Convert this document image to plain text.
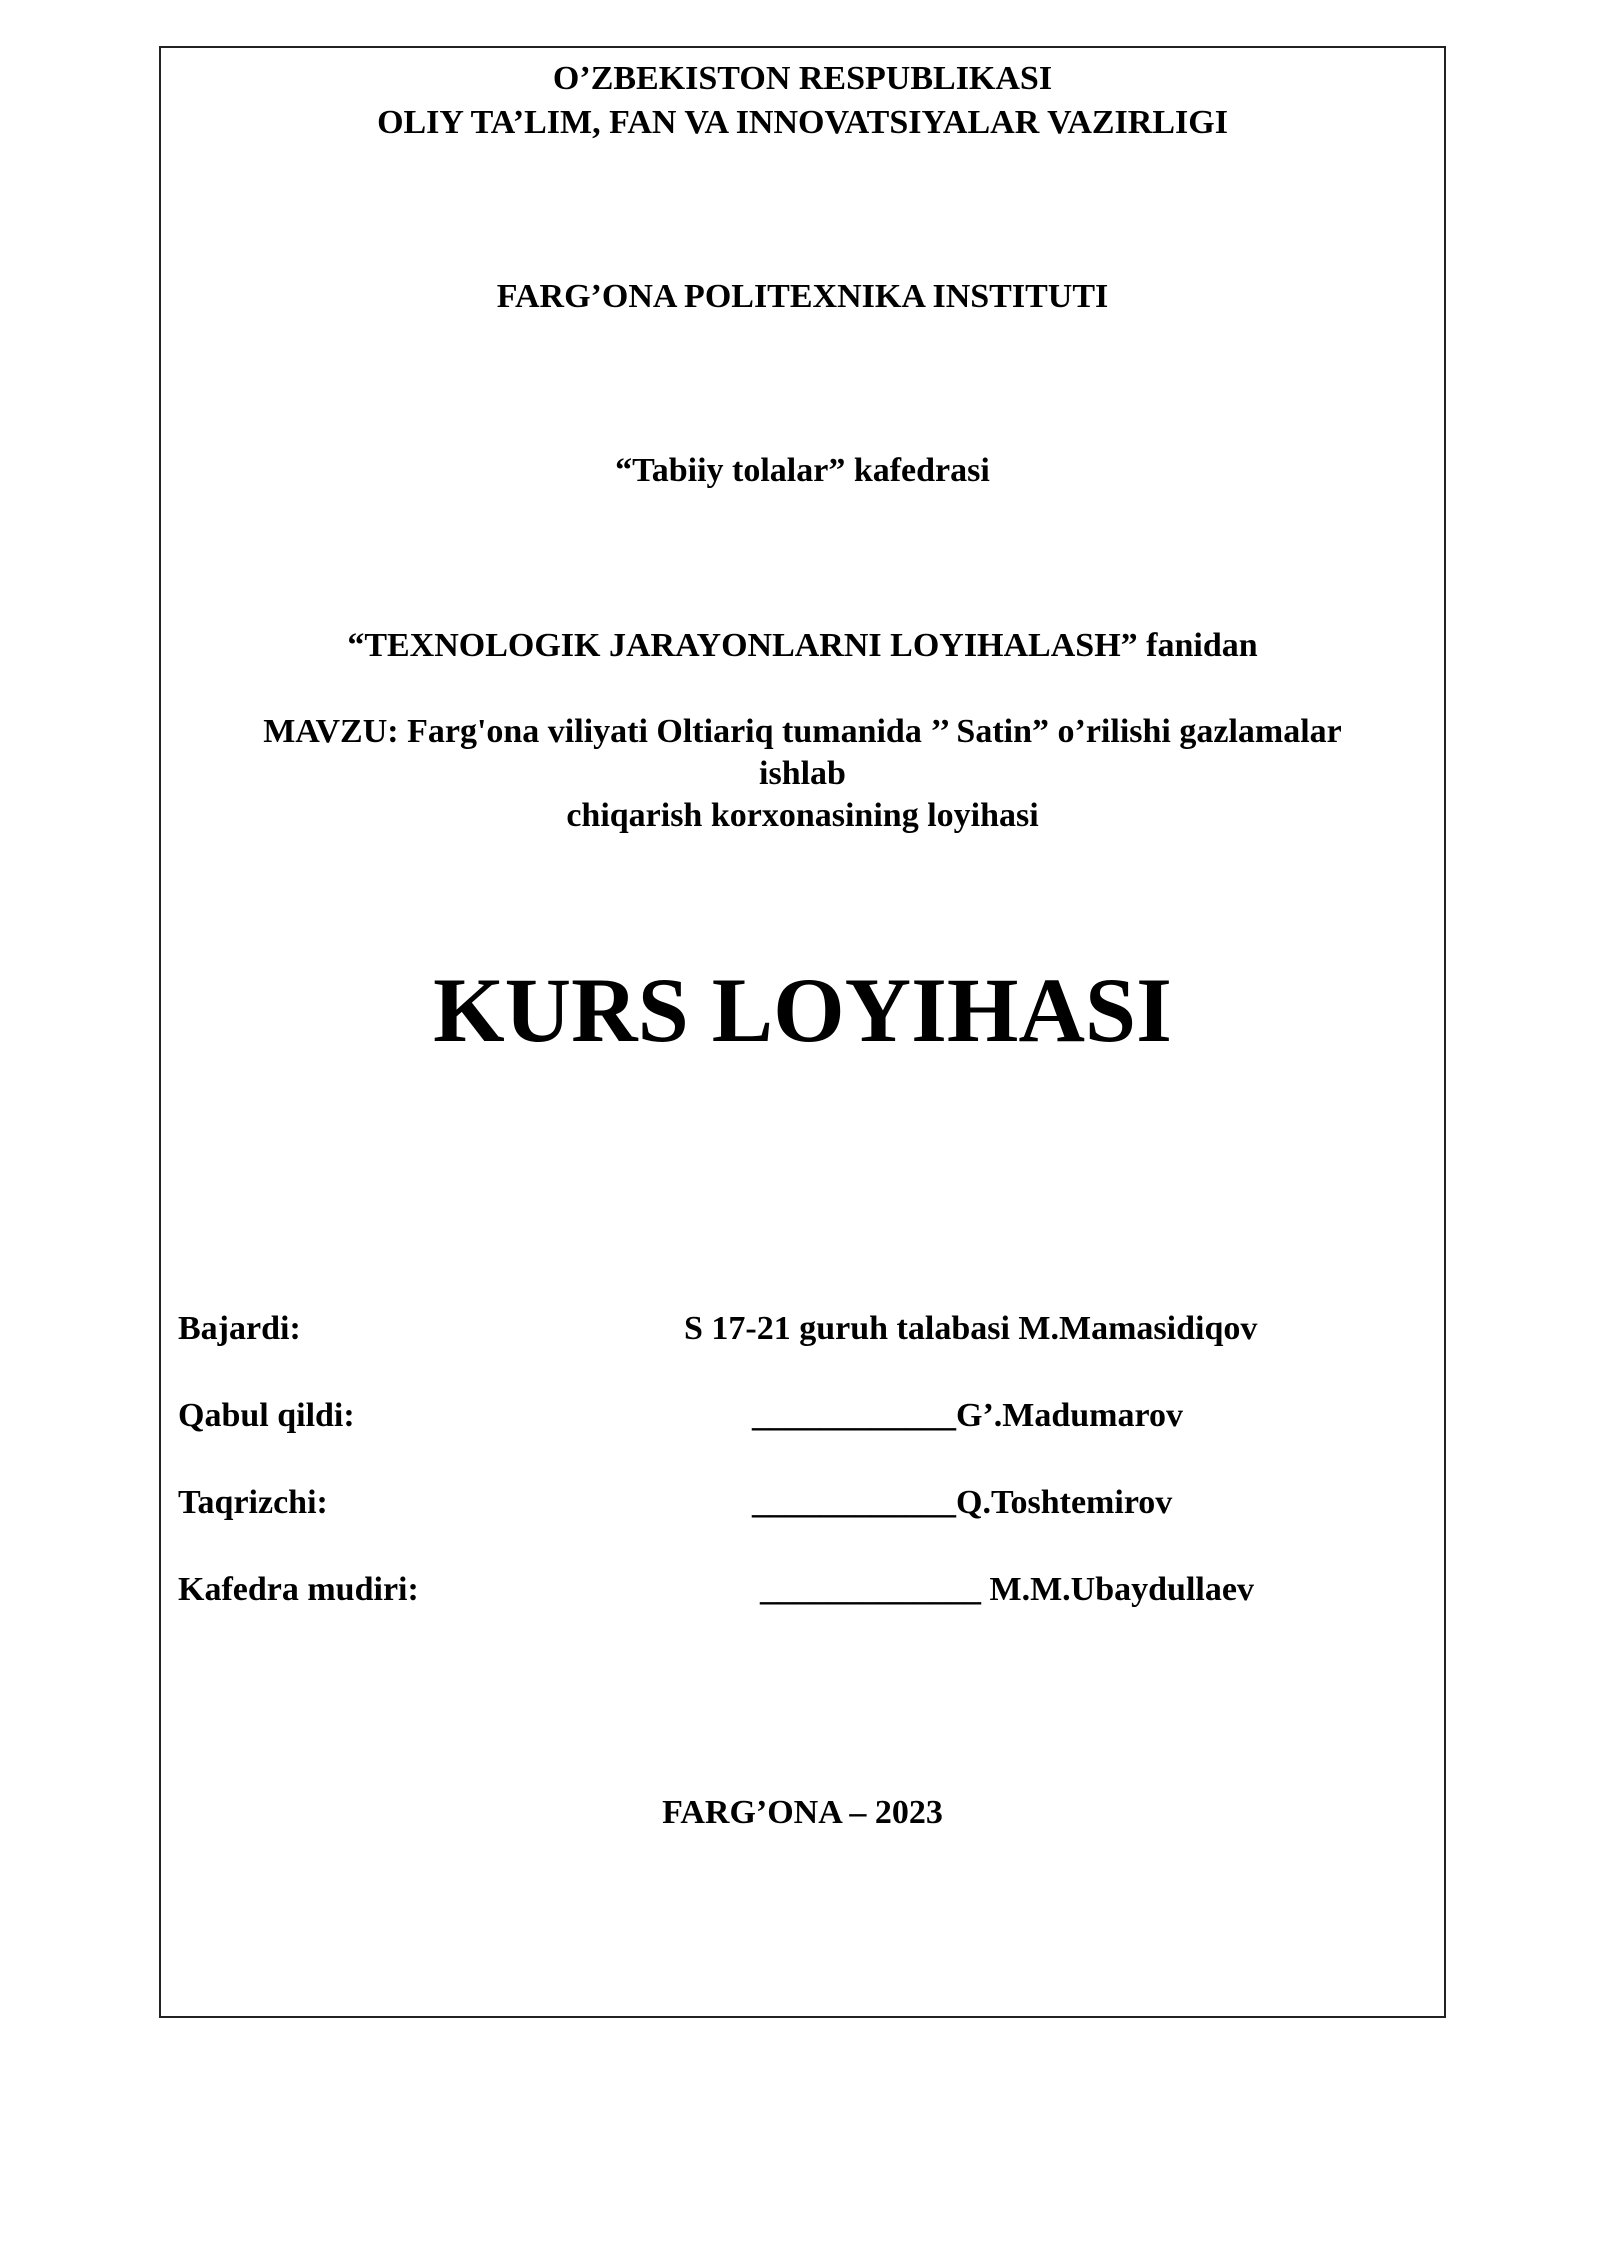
O’ZBEKISTON RESPUBLIKASI
OLIY TA’LIM, FAN VA INNOVATSIYALAR VAZIRLIGI
FARG’ONA POLITEXNIKA INSTITUTI
“Tabiiy tolalar” kafedrasi
“TEXNOLOGIK JARAYONLARNI LOYIHALASH” fanidan
MAVZU: Farg'ona viliyati Oltiariq tumanida ’’ Satin” o’rilishi gazlamalar
ishlab
chiqarish korxonasining loyihasi
KURS LOYIHASI
Bajardi:	S 17-21 guruh talabasi M.Mamasidiqov
Qabul qildi:	____________G’.Madumarov
Taqrizchi:	____________Q.Toshtemirov
Kafedra mudiri:	_____________ M.M.Ubaydullaev
FARG’ONA – 2023
